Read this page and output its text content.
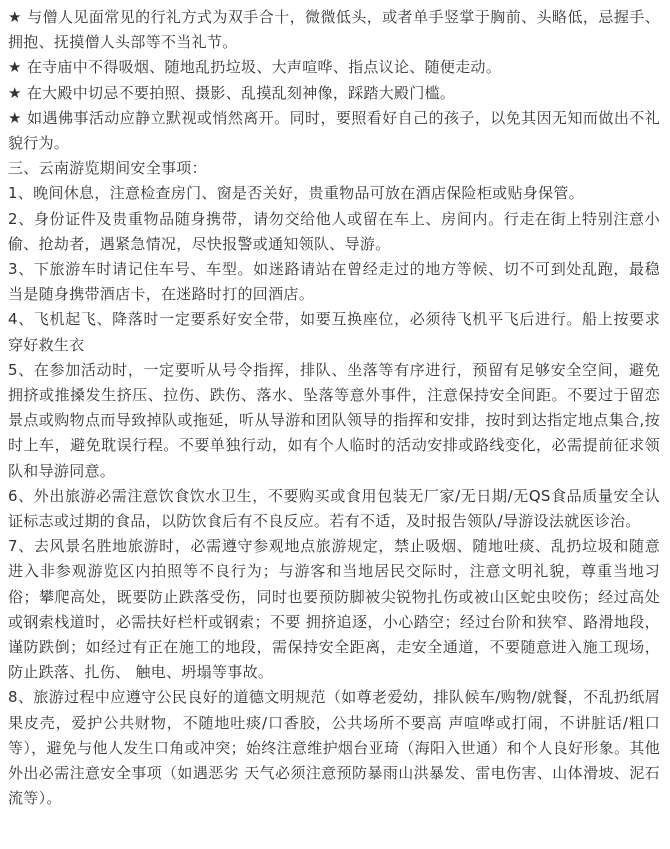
★ 与僧人见面常见的行礼方式为双手合十，微微低头，或者单手竖掌于胸前、头略低，忌握手、拥抱、抚摸僧人头部等不当礼节。

★ 在寺庙中不得吸烟、随地乱扔垃圾、大声喧哗、指点议论、随便走动。

★ 在大殿中切忌不要拍照、摄影、乱摸乱刻神像，踩踏大殿门槛。

★ 如遇佛事活动应静立默视或悄然离开。同时，要照看好自己的孩子，以免其因无知而做出不礼貌行为。

三、云南游览期间安全事项：

1、晚间休息，注意检查房门、窗是否关好，贵重物品可放在酒店保险柜或贴身保管。

2、身份证件及贵重物品随身携带，请勿交给他人或留在车上、房间内。行走在街上特别注意小偷、抢劫者，遇紧急情况，尽快报警或通知领队、导游。

3、下旅游车时请记住车号、车型。如迷路请站在曾经走过的地方等候、切不可到处乱跑，最稳当是随身携带酒店卡，在迷路时打的回酒店。

4、飞机起飞、降落时一定要系好安全带，如要互换座位，必须待飞机平飞后进行。船上按要求穿好救生衣

5、在参加活动时，一定要听从号令指挥，排队、坐落等有序进行，预留有足够安全空间，避免拥挤或推搡发生挤压、拉伤、跌伤、落水、坠落等意外事件，注意保持安全间距。不要过于留恋景点或购物点而导致掉队或拖延，听从导游和团队领导的指挥和安排，按时到达指定地点集合,按时上车，避免耽误行程。不要单独行动，如有个人临时的活动安排或路线变化，必需提前征求领队和导游同意。

6、外出旅游必需注意饮食饮水卫生，不要购买或食用包装无厂家/无日期/无QS食品质量安全认证标志或过期的食品，以防饮食后有不良反应。若有不适，及时报告领队/导游设法就医诊治。

7、去风景名胜地旅游时，必需遵守参观地点旅游规定，禁止吸烟、随地吐痰、乱扔垃圾和随意进入非参观游览区内拍照等不良行为；与游客和当地居民交际时，注意文明礼貌，尊重当地习俗；攀爬高处，既要防止跌落受伤，同时也要预防脚被尖锐物扎伤或被山区蛇虫咬伤；经过高处或钢索栈道时，必需扶好栏杆或钢索；不要 拥挤追逐，小心踏空；经过台阶和狭窄、路滑地段，谨防跌倒；如经过有正在施工的地段，需保持安全距离，走安全通道，不要随意进入施工现场，防止跌落、扎伤、 触电、坍塌等事故。

8、旅游过程中应遵守公民良好的道德文明规范（如尊老爱幼，排队候车/购物/就餐，不乱扔纸屑果皮壳，爱护公共财物，不随地吐痰/口香胶，公共场所不要高 声喧哗或打闹，不讲脏话/粗口等），避免与他人发生口角或冲突；始终注意维护烟台亚琦（海阳入世通）和个人良好形象。其他外出必需注意安全事项（如遇恶劣 天气必须注意预防暴雨山洪暴发、雷电伤害、山体滑坡、泥石流等）。
